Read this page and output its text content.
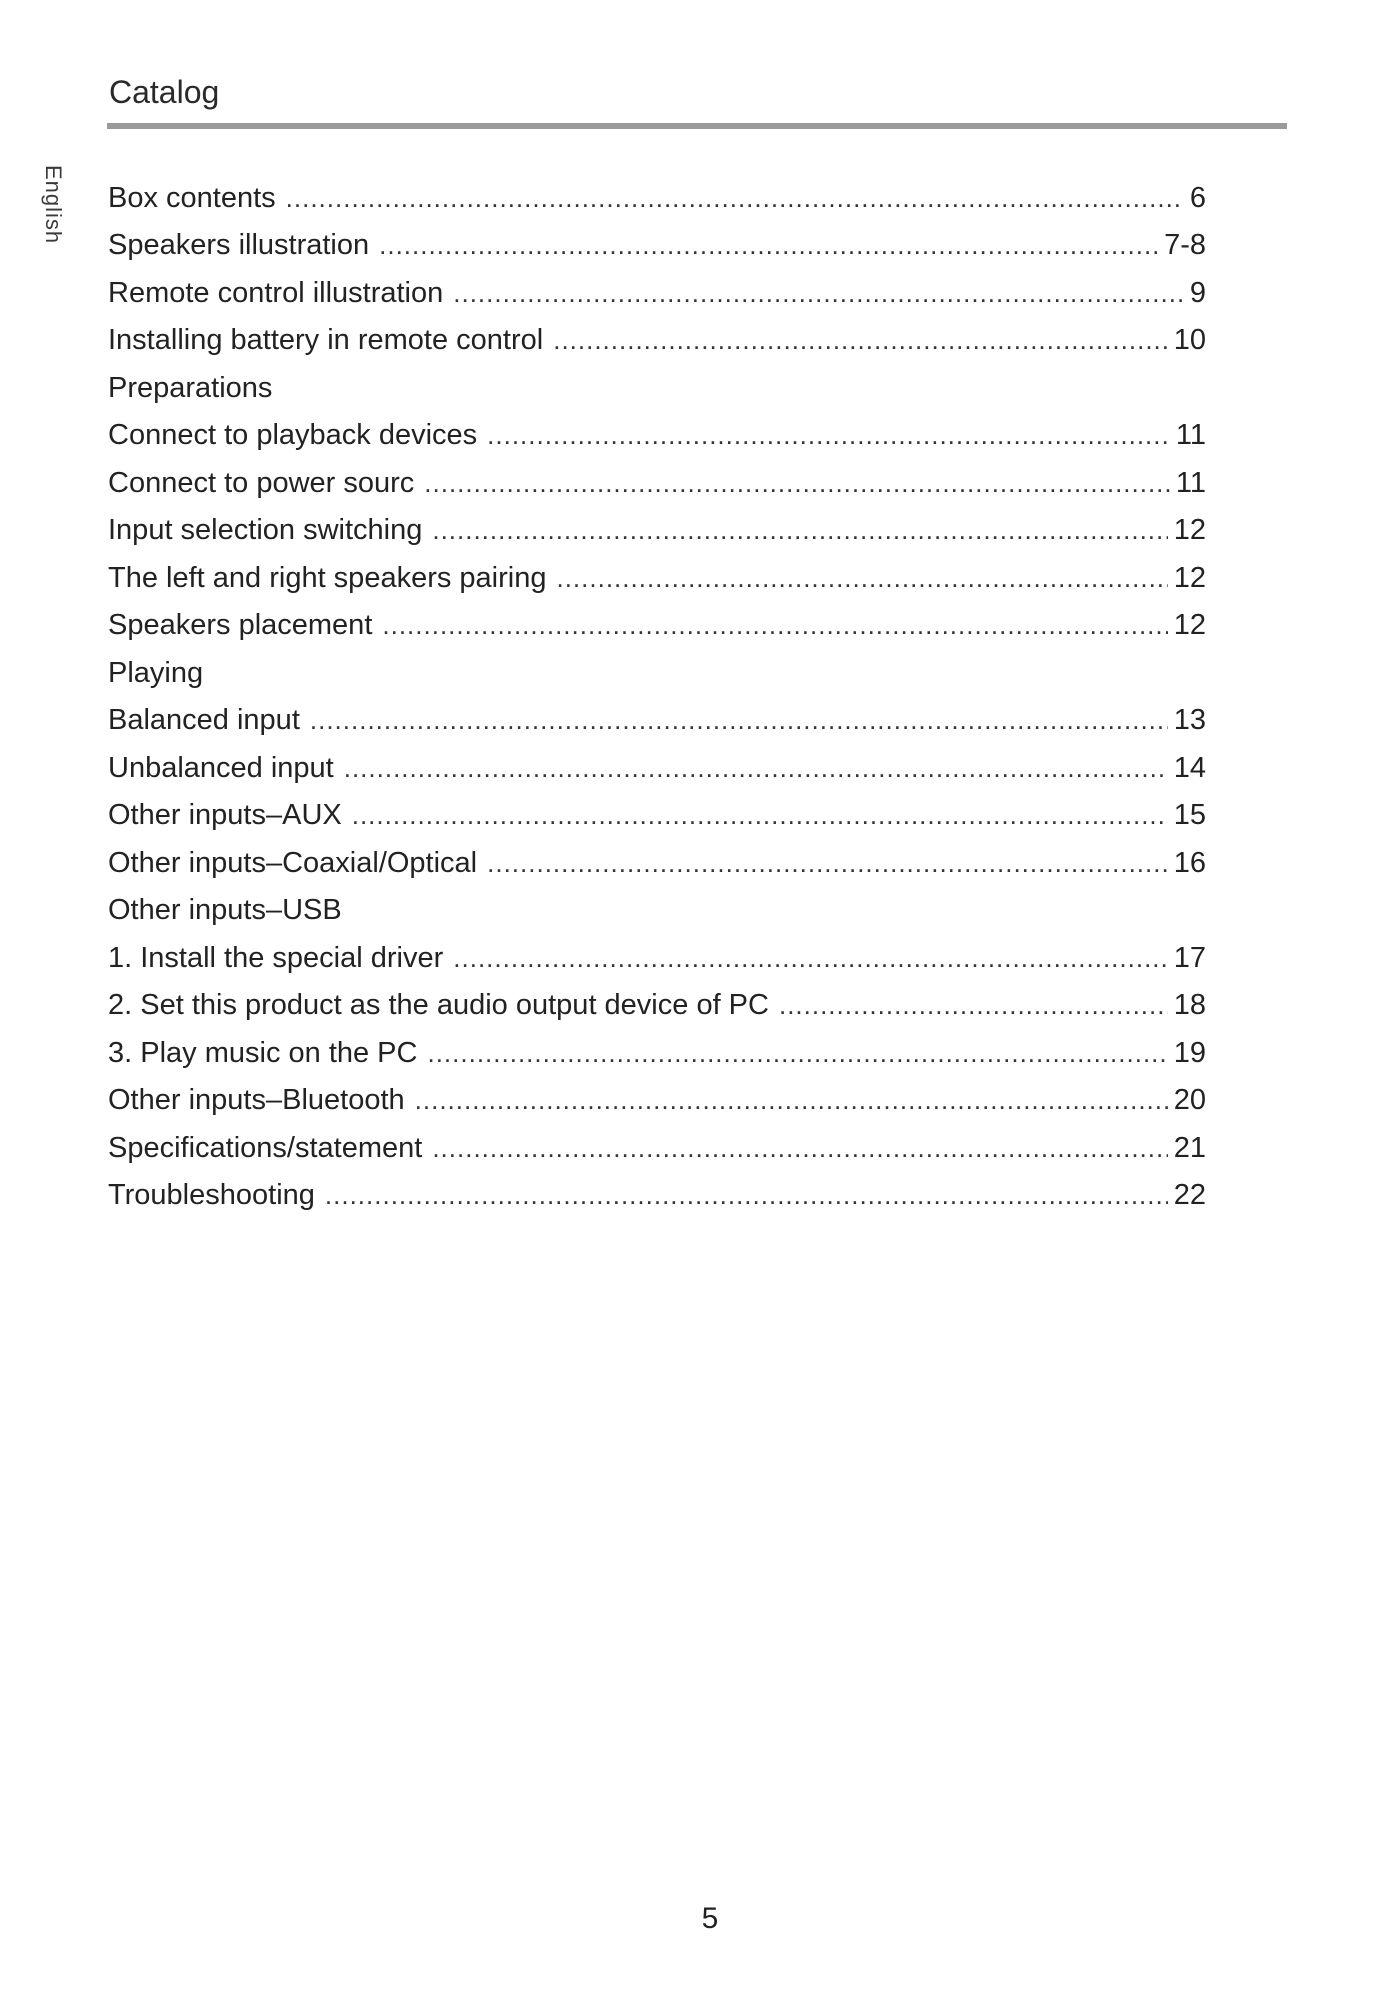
Catalog
English Box contents .....	6
Speakers illustration .....	7-8
Remote control illustration .....	9
Installing battery in remote control .....	10
Preparations
Connect to playback devices .....	11
Connect to power sourc .....	11
Input selection switching .....	12
The left and right speakers pairing .....	12
Speakers placement .....	12
Playing
Balanced input .....	13
Unbalanced input .....	14
Other inputs–AUX .....	15
Other inputs–Coaxial/Optical .....	16
Other inputs–USB
1. Install the special driver .....	17
2. Set this product as the audio output device of PC .....	18
3. Play music on the PC .....	19
Other inputs–Bluetooth .....	20
Specifications/statement .....	21
Troubleshooting .....	22
5
